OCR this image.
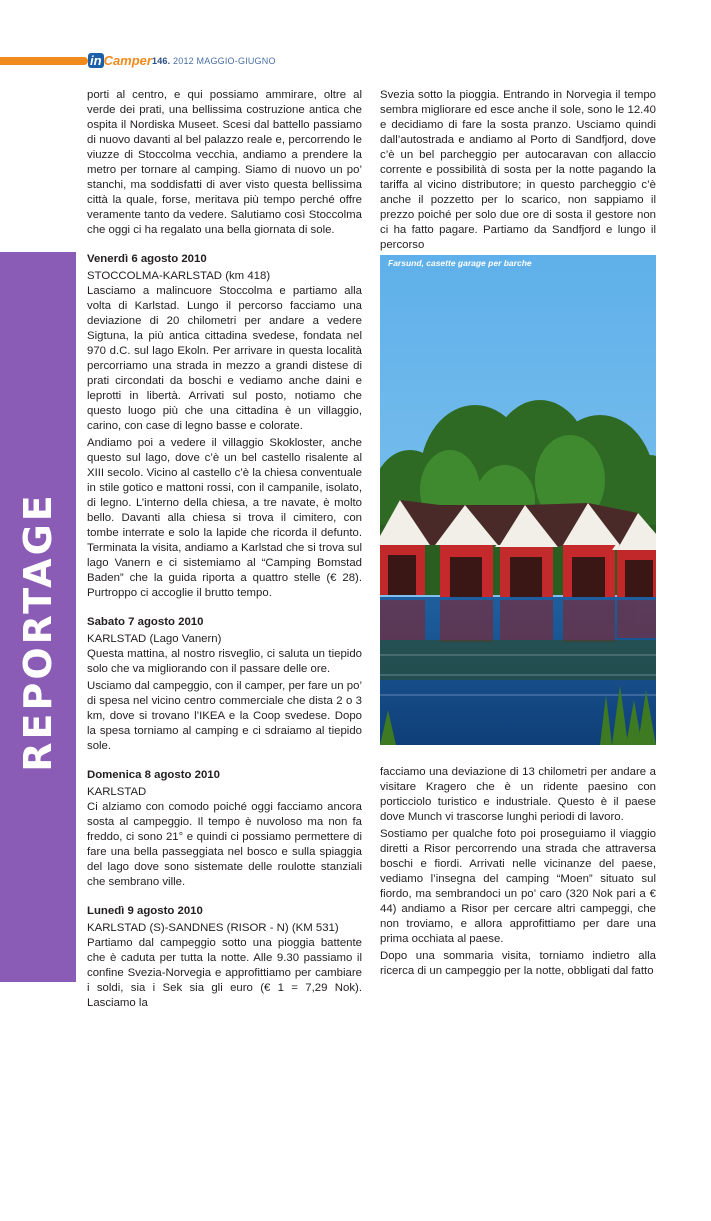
in Camper 146. 2012 MAGGIO-GIUGNO
REPORTAGE
90

porti al centro, e qui possiamo ammirare, oltre al verde dei prati, una bellissima costruzione antica che ospita il Nordiska Museet. Scesi dal battello passiamo di nuovo davanti al bel palazzo reale e, percorrendo le viuzze di Stoccolma vecchia, andiamo a prendere la metro per tornare al camping. Siamo di nuovo un po’ stanchi, ma soddisfatti di aver visto questa bellissima città la quale, forse, meritava più tempo perché offre veramente tanto da vedere. Salutiamo così Stoccolma che oggi ci ha regalato una bella giornata di sole.

Venerdì 6 agosto 2010

STOCCOLMA-KARLSTAD (km 418)

Lasciamo a malincuore Stoccolma e partiamo alla volta di Karlstad. Lungo il percorso facciamo una deviazione di 20 chilometri per andare a vedere Sigtuna, la più antica cittadina svedese, fondata nel 970 d.C. sul lago Ekoln. Per arrivare in questa località percorriamo una strada in mezzo a grandi distese di prati circondati da boschi e vediamo anche daini e leprotti in libertà. Arrivati sul posto, notiamo che questo luogo più che una cittadina è un villaggio, carino, con case di legno basse e colorate.

Andiamo poi a vedere il villaggio Skokloster, anche questo sul lago, dove c’è un bel castello risalente al XIII secolo. Vicino al castello c’è la chiesa conventuale in stile gotico e mattoni rossi, con il campanile, isolato, di legno. L’interno della chiesa, a tre navate, è molto bello. Davanti alla chiesa si trova il cimitero, con tombe interrate e solo la lapide che ricorda il defunto. Terminata la visita, andiamo a Karlstad che si trova sul lago Vanern e ci sistemiamo al “Camping Bomstad Baden” che la guida riporta a quattro stelle (€ 28). Purtroppo ci accoglie il brutto tempo.

Sabato 7 agosto 2010

KARLSTAD (Lago Vanern)

Questa mattina, al nostro risveglio, ci saluta un tiepido solo che va migliorando con il passare delle ore.

Usciamo dal campeggio, con il camper, per fare un po’ di spesa nel vicino centro commerciale che dista 2 o 3 km, dove si trovano l’IKEA e la Coop svedese. Dopo la spesa torniamo al camping e ci sdraiamo al tiepido sole.

Domenica 8 agosto 2010

KARLSTAD

Ci alziamo con comodo poiché oggi facciamo ancora sosta al campeggio. Il tempo è nuvoloso ma non fa freddo, ci sono 21° e quindi ci possiamo permettere di fare una bella passeggiata nel bosco e sulla spiaggia del lago dove sono sistemate delle roulotte stanziali che sembrano ville.

Lunedì 9 agosto 2010

KARLSTAD (S)-SANDNES (RISOR - N) (KM 531)

Partiamo dal campeggio sotto una pioggia battente che è caduta per tutta la notte. Alle 9.30 passiamo il confine Svezia-Norvegia e approfittiamo per cambiare i soldi, sia i Sek sia gli euro (€ 1 = 7,29 Nok). Lasciamo la

Svezia sotto la pioggia. Entrando in Norvegia il tempo sembra migliorare ed esce anche il sole, sono le 12.40 e decidiamo di fare la sosta pranzo. Usciamo quindi dall’autostrada e andiamo al Porto di Sandfjord, dove c’è un bel parcheggio per autocaravan con allaccio corrente e possibilità di sosta per la notte pagando la tariffa al vicino distributore; in questo parcheggio c’è anche il pozzetto per lo scarico, non sappiamo il prezzo poiché per solo due ore di sosta il gestore non ci ha fatto pagare. Partiamo da Sandfjord e lungo il percorso

Farsund, casette garage per barche

facciamo una deviazione di 13 chilometri per andare a visitare Kragero che è un ridente paesino con porticciolo turistico e industriale. Questo è il paese dove Munch vi trascorse lunghi periodi di lavoro.

Sostiamo per qualche foto poi proseguiamo il viaggio diretti a Risor percorrendo una strada che attraversa boschi e fiordi. Arrivati nelle vicinanze del paese, vediamo l’insegna del camping “Moen” situato sul fiordo, ma sembrandoci un po’ caro (320 Nok pari a € 44) andiamo a Risor per cercare altri campeggi, che non troviamo, e allora approfittiamo per dare una prima occhiata al paese.

Dopo una sommaria visita, torniamo indietro alla ricerca di un campeggio per la notte, obbligati dal fatto
